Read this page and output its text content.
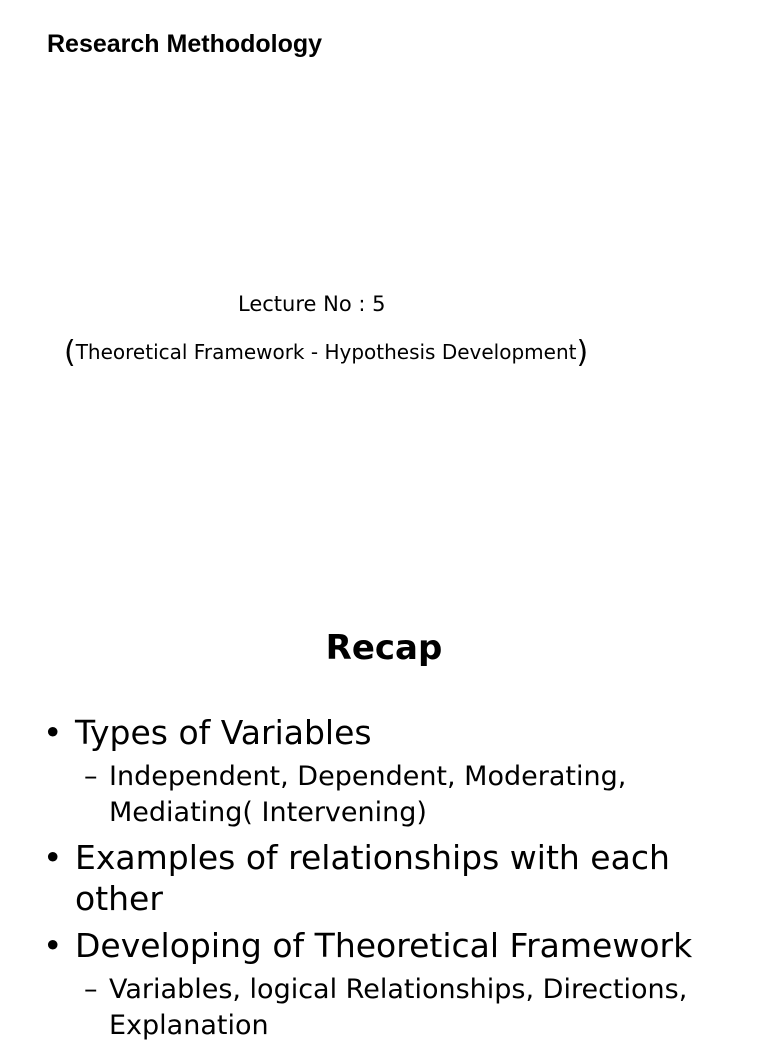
Research Methodology
Lecture No : 5
(Theoretical Framework - Hypothesis Development)
Recap
• Types of Variables
– Independent, Dependent, Moderating, Mediating( Intervening)
• Examples of relationships with each other
• Developing of Theoretical Framework
– Variables, logical Relationships, Directions, Explanation
